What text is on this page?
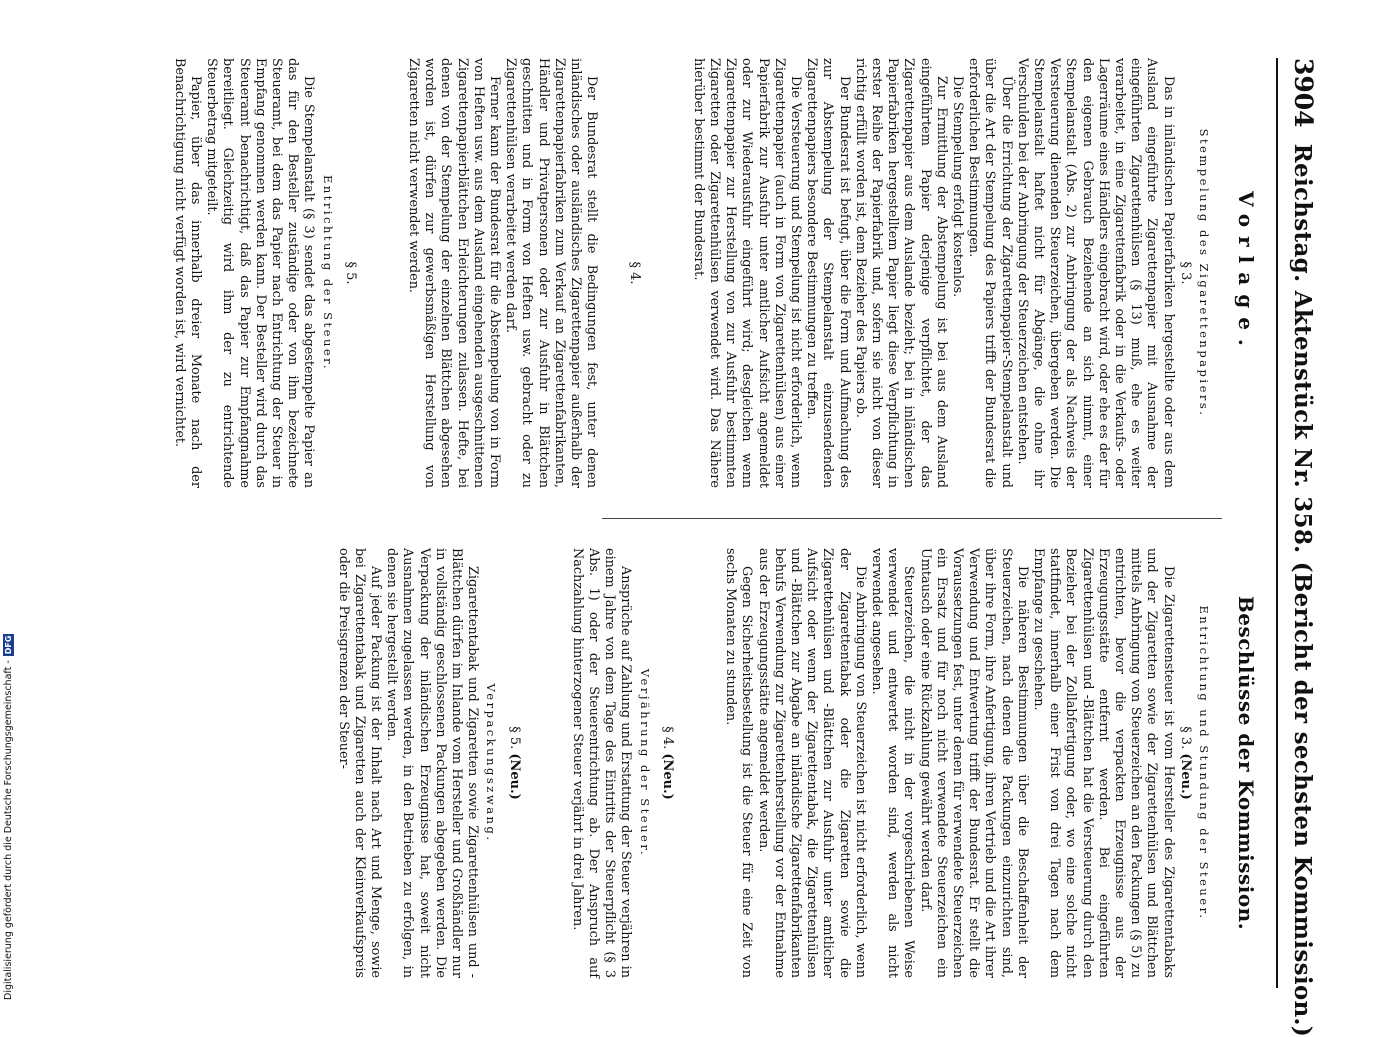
3904
Reichstag. Aktenstück Nr. 358. (Bericht der sechsten Kommission.)
Vorlage.
Beschlüsse der Kommission.
Stempelung des Zigarettenpapiers.
§ 3.

Das in inländischen Papierfabriken hergestellte oder aus dem Ausland eingeführte Zigarettenpapier mit Ausnahme der eingeführten Zigarettenhülsen (§ 13) muß, ehe es weiter verarbeitet, in eine Zigarettenfabrik oder in die Verkaufs- oder Lagerräume eines Händlers eingebracht wird, oder ehe es der für den eigenen Gebrauch Beziehende an sich nimmt, einer Stempelanstalt (Abs. 2) zur Anbringung der als Nachweis der Versteuerung dienenden Steuerzeichen, übergeben werden. Die Stempelanstalt haftet nicht für Abgänge, die ohne ihr Verschulden bei der Anbringung der Steuerzeichen entstehen.

Über die Errichtung der Zigarettenpapier-Stempelanstalt und über die Art der Stempelung des Papiers trifft der Bundesrat die erforderlichen Bestimmungen.

Die Stempelung erfolgt kostenlos.

Zur Ermittlung der Abstempelung ist bei aus dem Ausland eingeführtem Papier derjenige verpflichtet, der das Zigarettenpapier aus dem Auslande bezieht; bei in inländischen Papierfabriken hergestelltem Papier liegt diese Verpflichtung in erster Reihe der Papierfabrik und, sofern sie nicht von dieser richtig erfüllt worden ist, dem Bezieher des Papiers ob.

Der Bundesrat ist befugt, über die Form und Aufmachung des zur Abstempelung der Stempelanstalt einzusendenden Zigarettenpapiers besondere Bestimmungen zu treffen.

Die Versteuerung und Stempelung ist nicht erforderlich, wenn Zigarettenpapier (auch in Form von Zigarettenhülsen) aus einer Papierfabrik zur Ausfuhr unter amtlicher Aufsicht angemeldet oder zur Wiederausfuhr eingeführt wird; desgleichen wenn Zigarettenpapier zur Herstellung von zur Ausfuhr bestimmten Zigaretten oder Zigarettenhülsen verwendet wird. Das Nähere hierüber bestimmt der Bundesrat.

§ 4.

Der Bundesrat stellt die Bedingungen fest, unter denen inländisches oder ausländisches Zigarettenpapier außerhalb der Zigarettenpapierfabriken zum Verkauf an Zigarettenfabrikanten, Händler und Privatpersonen oder zur Ausfuhr in Blättchen geschnitten und in Form von Heften usw. gebracht oder zu Zigarettenhülsen verarbeitet werden darf.

Ferner kann der Bundesrat für die Abstempelung von in Form von Heften usw. aus dem Ausland eingehenden ausgeschnittenen Zigarettenpapierblättchen Erleichterungen zulassen. Hefte, bei denen von der Stempelung der einzelnen Blättchen abgesehen worden ist, dürfen zur gewerbsmäßigen Herstellung von Zigaretten nicht verwendet werden.

§ 5.
Entrichtung der Steuer.

Die Stempelanstalt (§ 3) sendet das abgestempelte Papier an das für den Besteller zuständige oder von ihm bezeichnete Steueramt, bei dem das Papier nach Entrichtung der Steuer in Empfang genommen werden kann. Der Besteller wird durch das Steueramt benachrichtigt, daß das Papier zur Empfangnahme bereitliegt. Gleichzeitig wird ihm der zu entrichtende Steuerbetrag mitgeteilt.

Papier, über das innerhalb dreier Monate nach der Benachrichtigung nicht verfügt worden ist, wird vernichtet.

Entrichtung und Stundung der Steuer.
§ 3. (Neu.)

Die Zigarettensteuer ist vom Hersteller des Zigarettentabaks und der Zigaretten sowie der Zigarettenhülsen und Blättchen mittels Anbringung von Steuerzeichen an den Packungen (§ 5) zu entrichten, bevor die verpackten Erzeugnisse aus der Erzeugungsstätte entfernt werden. Bei eingeführten Zigarettenhülsen und -Blättchen hat die Versteuerung durch den Bezieher bei der Zollabfertigung oder, wo eine solche nicht stattfindet, innerhalb einer Frist von drei Tagen nach dem Empfange zu geschehen.

Die näheren Bestimmungen über die Beschaffenheit der Steuerzeichen, nach denen die Packungen einzurichten sind, über ihre Form, ihre Anfertigung, ihren Vertrieb und die Art ihrer Verwendung und Entwertung trifft der Bundesrat. Er stellt die Voraussetzungen fest, unter denen für verwendete Steuerzeichen ein Ersatz und für noch nicht verwendete Steuerzeichen ein Umtausch oder eine Rückzahlung gewährt werden darf.

Steuerzeichen, die nicht in der vorgeschriebenen Weise verwendet und entwertet worden sind, werden als nicht verwendet angesehen.

Die Anbringung von Steuerzeichen ist nicht erforderlich, wenn der Zigarettentabak oder die Zigaretten sowie die Zigarettenhülsen und -Blättchen zur Ausfuhr unter amtlicher Aufsicht oder wenn der Zigarettentabak, die Zigarettenhülsen und -Blättchen zur Abgabe an inländische Zigarettenfabrikanten behufs Verwendung zur Zigarettenherstellung vor der Entnahme aus der Erzeugungsstätte angemeldet werden.

Gegen Sicherheitsbestellung ist die Steuer für eine Zeit von sechs Monaten zu stunden.

§ 4. (Neu.)
Verjährung der Steuer.

Ansprüche auf Zahlung und Erstattung der Steuer verjähren in einem Jahre von dem Tage des Eintritts der Steuerpflicht (§ 3 Abs. 1) oder der Steuerentrichtung ab. Der Anspruch auf Nachzahlung hinterzogener Steuer verjährt in drei Jahren.

§ 5. (Neu.)
Verpackungszwang.

Zigarettentabak und Zigaretten sowie Zigarettenhülsen und -Blättchen dürfen im Inlande vom Hersteller und Großhändler nur in vollständig geschlossenen Packungen abgegeben werden. Die Verpackung der inländischen Erzeugnisse hat, soweit nicht Ausnahmen zugelassen werden, in den Betrieben zu erfolgen, in denen sie hergestellt werden.

Auf jeder Packung ist der Inhalt nach Art und Menge, sowie bei Zigarettentabak und Zigaretten auch der Kleinverkaufspreis oder die Preisgrenzen der Steuer-

Digitalisierung gefördert durch die Deutsche Forschungsgemeinschaft -
DFG
